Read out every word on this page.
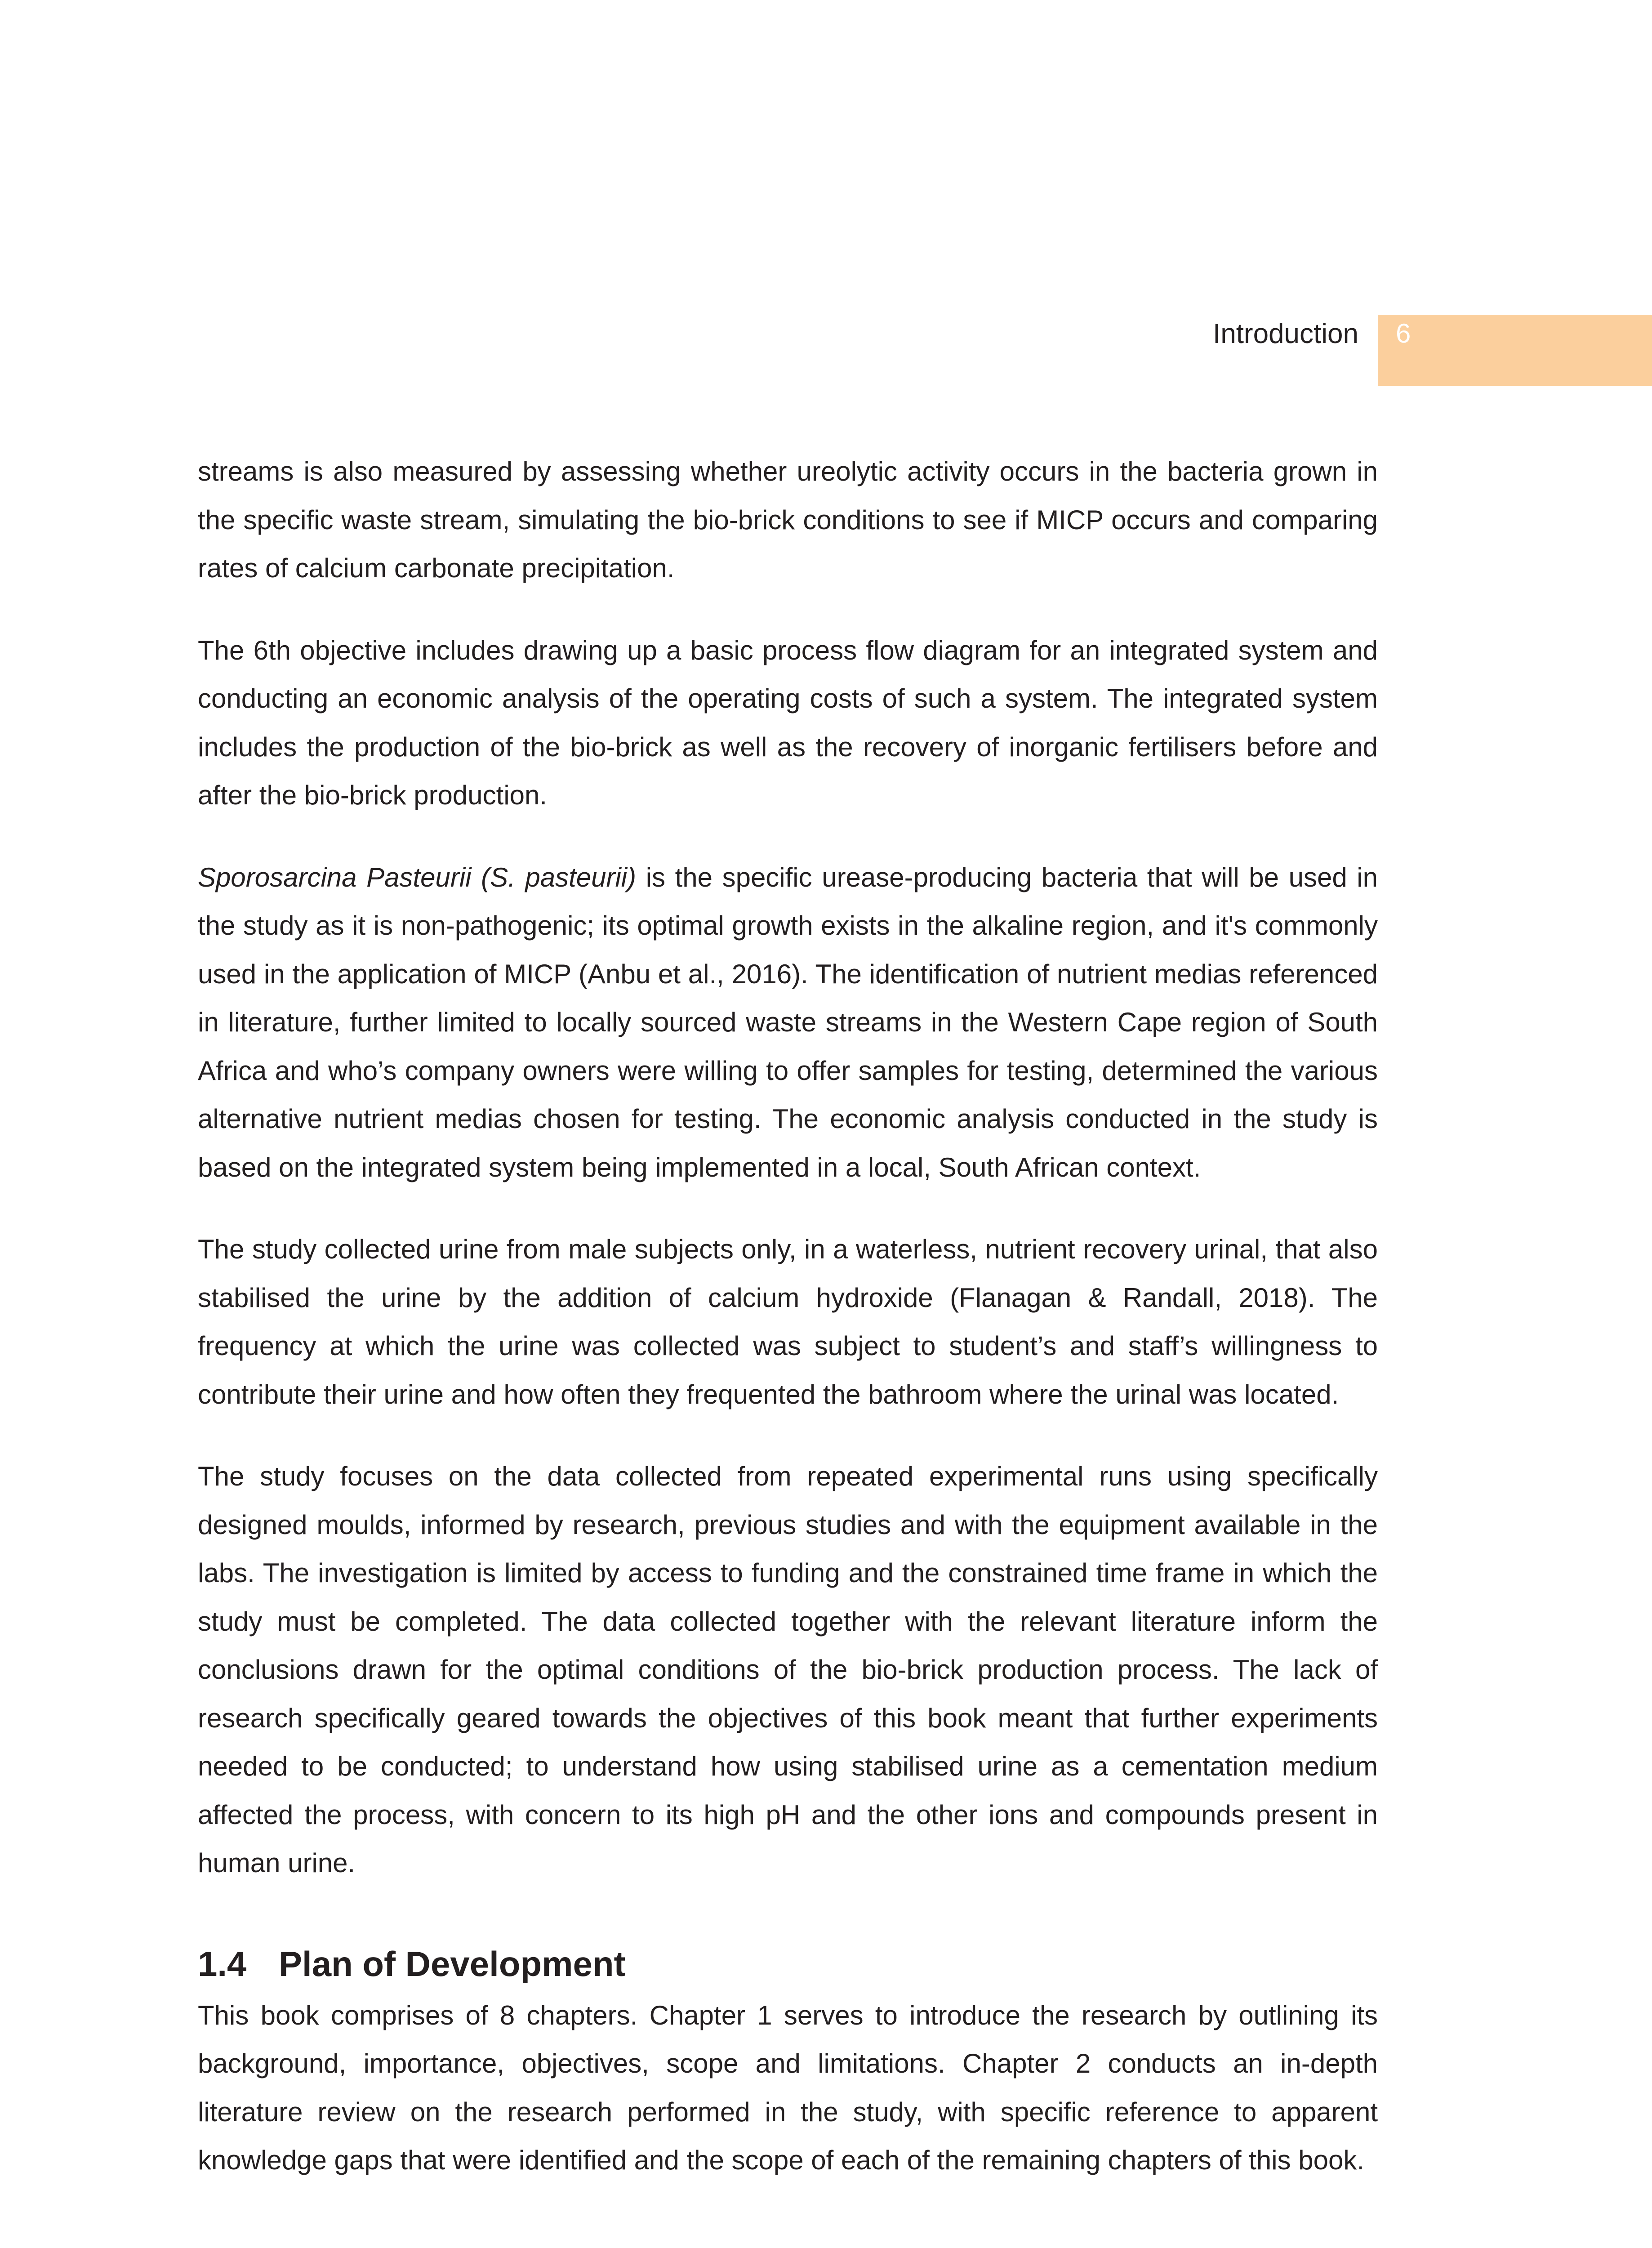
Introduction	6

streams is also measured by assessing whether ureolytic activity occurs in the bacteria grown in the specific waste stream, simulating the bio-brick conditions to see if MICP occurs and comparing rates of calcium carbonate precipitation.

The 6th objective includes drawing up a basic process flow diagram for an integrated system and conducting an economic analysis of the operating costs of such a system. The integrated system includes the production of the bio-brick as well as the recovery of inorganic fertilisers before and after the bio-brick production.

Sporosarcina Pasteurii (S. pasteurii) is the specific urease-producing bacteria that will be used in the study as it is non-pathogenic; its optimal growth exists in the alkaline region, and it's commonly used in the application of MICP (Anbu et al., 2016). The identification of nutrient medias referenced in literature, further limited to locally sourced waste streams in the Western Cape region of South Africa and who’s company owners were willing to offer samples for testing, determined the various alternative nutrient medias chosen for testing. The economic analysis conducted in the study is based on the integrated system being implemented in a local, South African context.

The study collected urine from male subjects only, in a waterless, nutrient recovery urinal, that also stabilised the urine by the addition of calcium hydroxide (Flanagan & Randall, 2018). The frequency at which the urine was collected was subject to student’s and staff’s willingness to contribute their urine and how often they frequented the bathroom where the urinal was located.

The study focuses on the data collected from repeated experimental runs using specifically designed moulds, informed by research, previous studies and with the equipment available in the labs. The investigation is limited by access to funding and the constrained time frame in which the study must be completed. The data collected together with the relevant literature inform the conclusions drawn for the optimal conditions of the bio-brick production process. The lack of research specifically geared towards the objectives of this book meant that further experiments needed to be conducted; to understand how using stabilised urine as a cementation medium affected the process, with concern to its high pH and the other ions and compounds present in human urine.

1.4 Plan of Development

This book comprises of 8 chapters. Chapter 1 serves to introduce the research by outlining its background, importance, objectives, scope and limitations. Chapter 2 conducts an in-depth literature review on the research performed in the study, with specific reference to apparent knowledge gaps that were identified and the scope of each of the remaining chapters of this book.
